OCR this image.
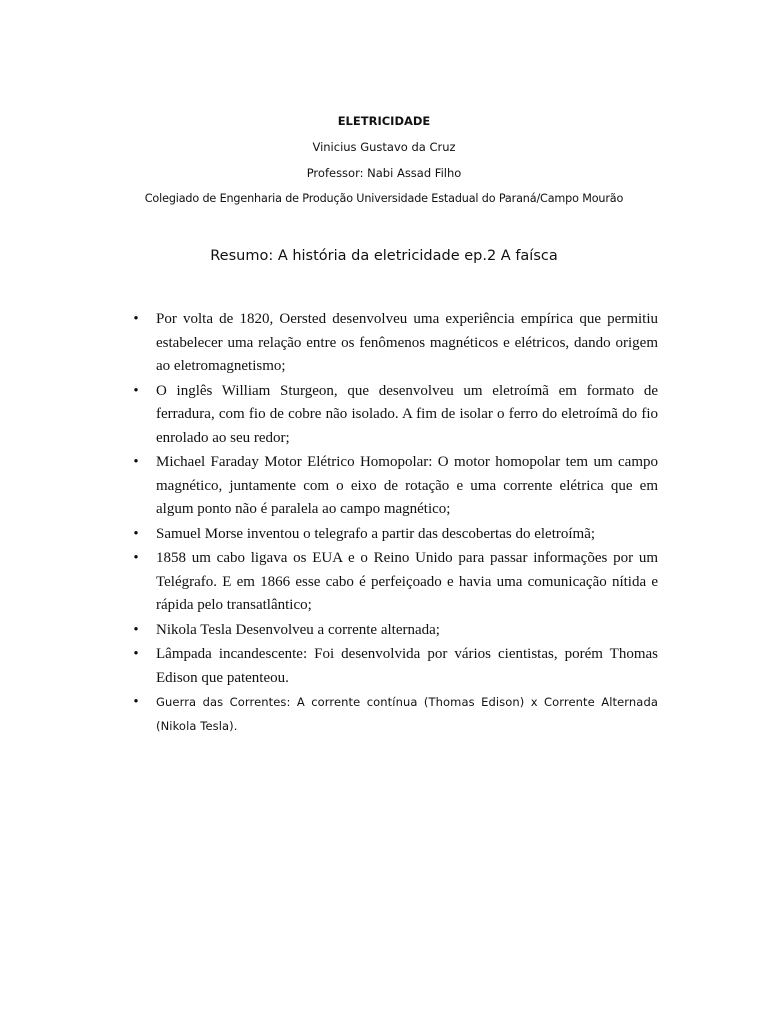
ELETRICIDADE
Vinicius Gustavo da Cruz
Professor: Nabi Assad Filho
Colegiado de Engenharia de Produção Universidade Estadual do Paraná/Campo Mourão
Resumo: A história da eletricidade ep.2 A faísca
• Por volta de 1820, Oersted desenvolveu uma experiência empírica que permitiu estabelecer uma relação entre os fenômenos magnéticos e elétricos, dando origem ao eletromagnetismo;
• O inglês William Sturgeon, que desenvolveu um eletroímã em formato de ferradura, com fio de cobre não isolado. A fim de isolar o ferro do eletroímã do fio enrolado ao seu redor;
• Michael Faraday Motor Elétrico Homopolar: O motor homopolar tem um campo magnético, juntamente com o eixo de rotação e uma corrente elétrica que em algum ponto não é paralela ao campo magnético;
• Samuel Morse inventou o telegrafo a partir das descobertas do eletroímã;
• 1858 um cabo ligava os EUA e o Reino Unido para passar informações por um Telégrafo. E em 1866 esse cabo é perfeiçoado e havia uma comunicação nítida e rápida pelo transatlântico;
• Nikola Tesla Desenvolveu a corrente alternada;
• Lâmpada incandescente: Foi desenvolvida por vários cientistas, porém Thomas Edison que patenteou.
•	Guerra das Correntes: A corrente contínua (Thomas Edison) x Corrente Alternada (Nikola Tesla).
